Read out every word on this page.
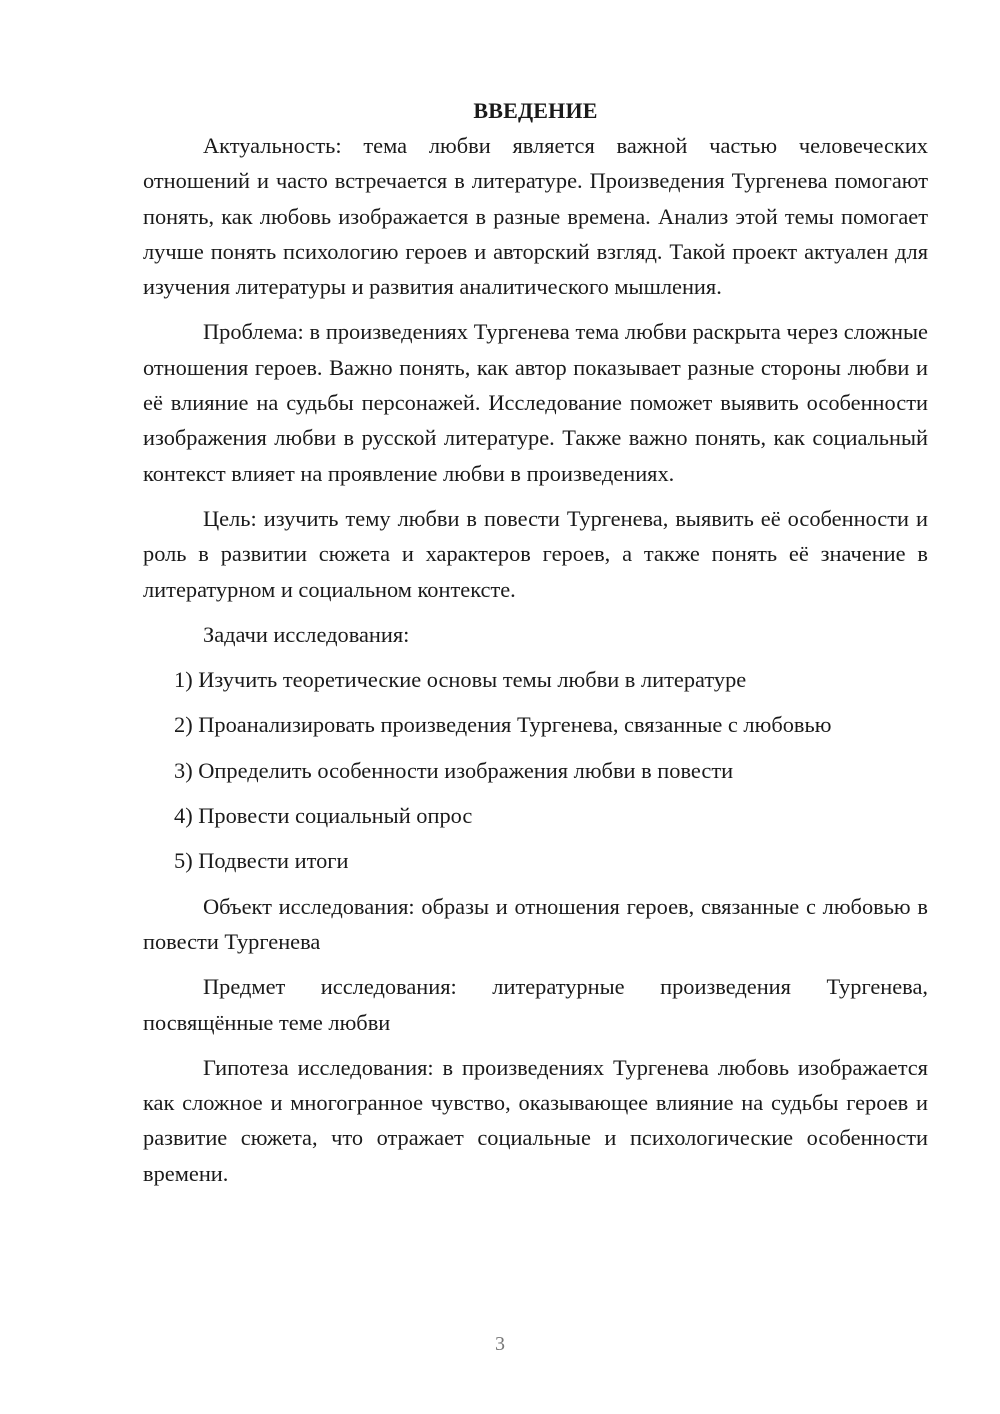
ВВЕДЕНИЕ

Актуальность: тема любви является важной частью человеческих отношений и часто встречается в литературе. Произведения Тургенева помогают понять, как любовь изображается в разные времена. Анализ этой темы помогает лучше понять психологию героев и авторский взгляд. Такой проект актуален для изучения литературы и развития аналитического мышления.

Проблема: в произведениях Тургенева тема любви раскрыта через сложные отношения героев. Важно понять, как автор показывает разные стороны любви и её влияние на судьбы персонажей. Исследование поможет выявить особенности изображения любви в русской литературе. Также важно понять, как социальный контекст влияет на проявление любви в произведениях.

Цель: изучить тему любви в повести Тургенева, выявить её особенности и роль в развитии сюжета и характеров героев, а также понять её значение в литературном и социальном контексте.

Задачи исследования:

1) Изучить теоретические основы темы любви в литературе

2) Проанализировать произведения Тургенева, связанные с любовью

3) Определить особенности изображения любви в повести

4) Провести социальный опрос

5) Подвести итоги

Объект исследования: образы и отношения героев, связанные с любовью в повести Тургенева

Предмет исследования: литературные произведения Тургенева, посвящённые теме любви

Гипотеза исследования: в произведениях Тургенева любовь изображается как сложное и многогранное чувство, оказывающее влияние на судьбы героев и развитие сюжета, что отражает социальные и психологические особенности времени.

3
